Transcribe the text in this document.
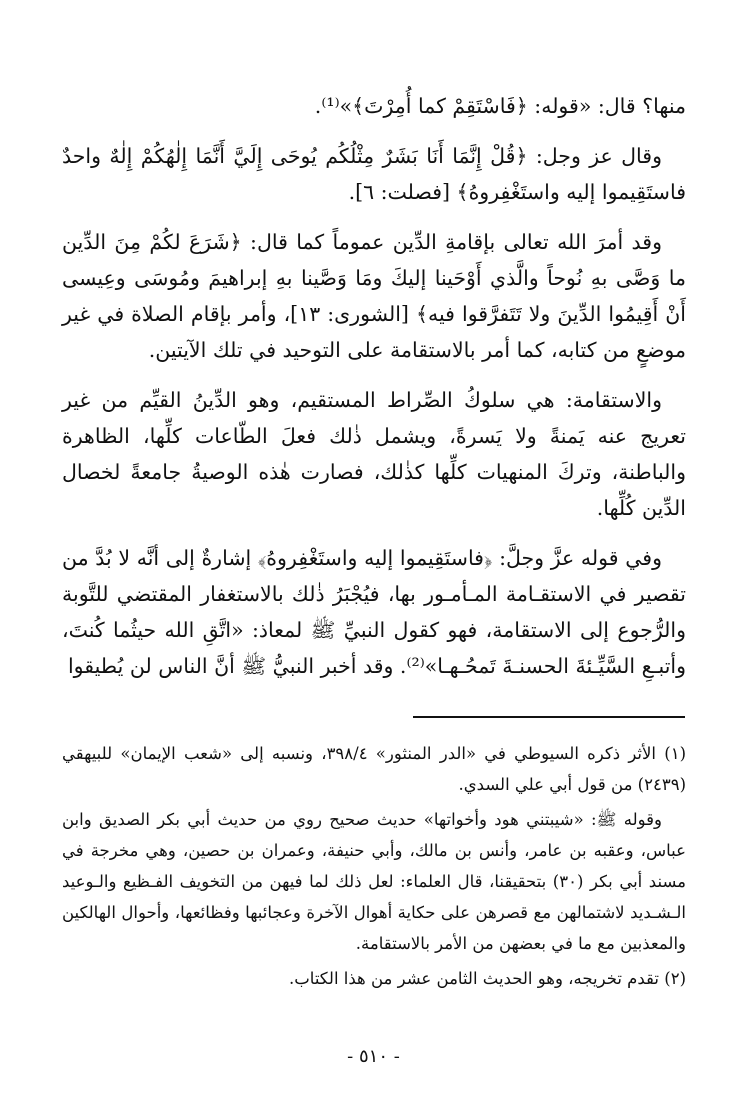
منها؟ قال: «قوله: ﴿فَاسْتَقِمْ كما أُمِرْتَ﴾»⁽¹⁾.

وقال عز وجل: ﴿قُلْ إِنَّمَا أَنَا بَشَرٌ مِثْلُكُم يُوحَى إِلَيَّ أَنَّمَا إِلٰهُكُمْ إِلٰهٌ واحدٌ فاستَقِيموا إليه واستَغْفِروهُ﴾ [فصلت: ٦].

وقد أمرَ الله تعالى بإقامةِ الدِّين عموماً كما قال: ﴿شَرَعَ لكُمْ مِنَ الدِّين ما وَصَّى بهِ نُوحاً والَّذي أَوْحَينا إليكَ ومَا وَصَّينا بهِ إبراهيمَ ومُوسَى وعِيسى أَنْ أَقِيمُوا الدِّينَ ولا تَتَفرَّقوا فيه﴾ [الشورى: ١٣]، وأمر بإقام الصلاة في غير موضعٍ من كتابه، كما أمر بالاستقامة على التوحيد في تلك الآيتين.

والاستقامة: هي سلوكُ الصِّراط المستقيم، وهو الدِّينُ القيِّم من غير تعريج عنه يَمنةً ولا يَسرةً، ويشمل ذٰلك فعلَ الطّاعات كلِّها، الظاهرة والباطنة، وتركَ المنهيات كلِّها كذٰلك، فصارت هٰذه الوصيةُ جامعةً لخصال الدِّين كُلِّها.

وفي قوله عزَّ وجلَّ: ﴿فاستَقِيموا إليه واستَغْفِروهُ﴾ إشارةٌ إلى أنَّه لا بُدَّ من تقصير في الاستقـامة المـأمـور بها، فيُجْبَرُ ذٰلك بالاستغفار المقتضي للتَّوبة والرُّجوع إلى الاستقامة، فهو كقول النبيِّ ﷺ لمعاذ: «اتَّقِ الله حيثُما كُنتَ، وأتبـعِ السَّيِّـئةَ الحسنـةَ تَمحُـهـا»⁽²⁾. وقد أخبر النبيُّ ﷺ أنَّ الناس لن يُطيقوا

(١) الأثر ذكره السيوطي في «الدر المنثور» ٣٩٨/٤، ونسبه إلى «شعب الإيمان» للبيهقي (٢٤٣٩) من قول أبي علي السدي.

وقوله ﷺ: «شيبتني هود وأخواتها» حديث صحيح روي من حديث أبي بكر الصديق وابن عباس، وعقبه بن عامر، وأنس بن مالك، وأبي حنيفة، وعمران بن حصين، وهي مخرجة في مسند أبي بكر (٣٠) بتحقيقنا، قال العلماء: لعل ذلك لما فيهن من التخويف الفـظيع والـوعيد الـشـديد لاشتمالهن مع قصرهن على حكاية أهوال الآخرة وعجائبها وفظائعها، وأحوال الهالكين والمعذبين مع ما في بعضهن من الأمر بالاستقامة.

(٢) تقدم تخريجه، وهو الحديث الثامن عشر من هذا الكتاب.

- ٥١٠ -
